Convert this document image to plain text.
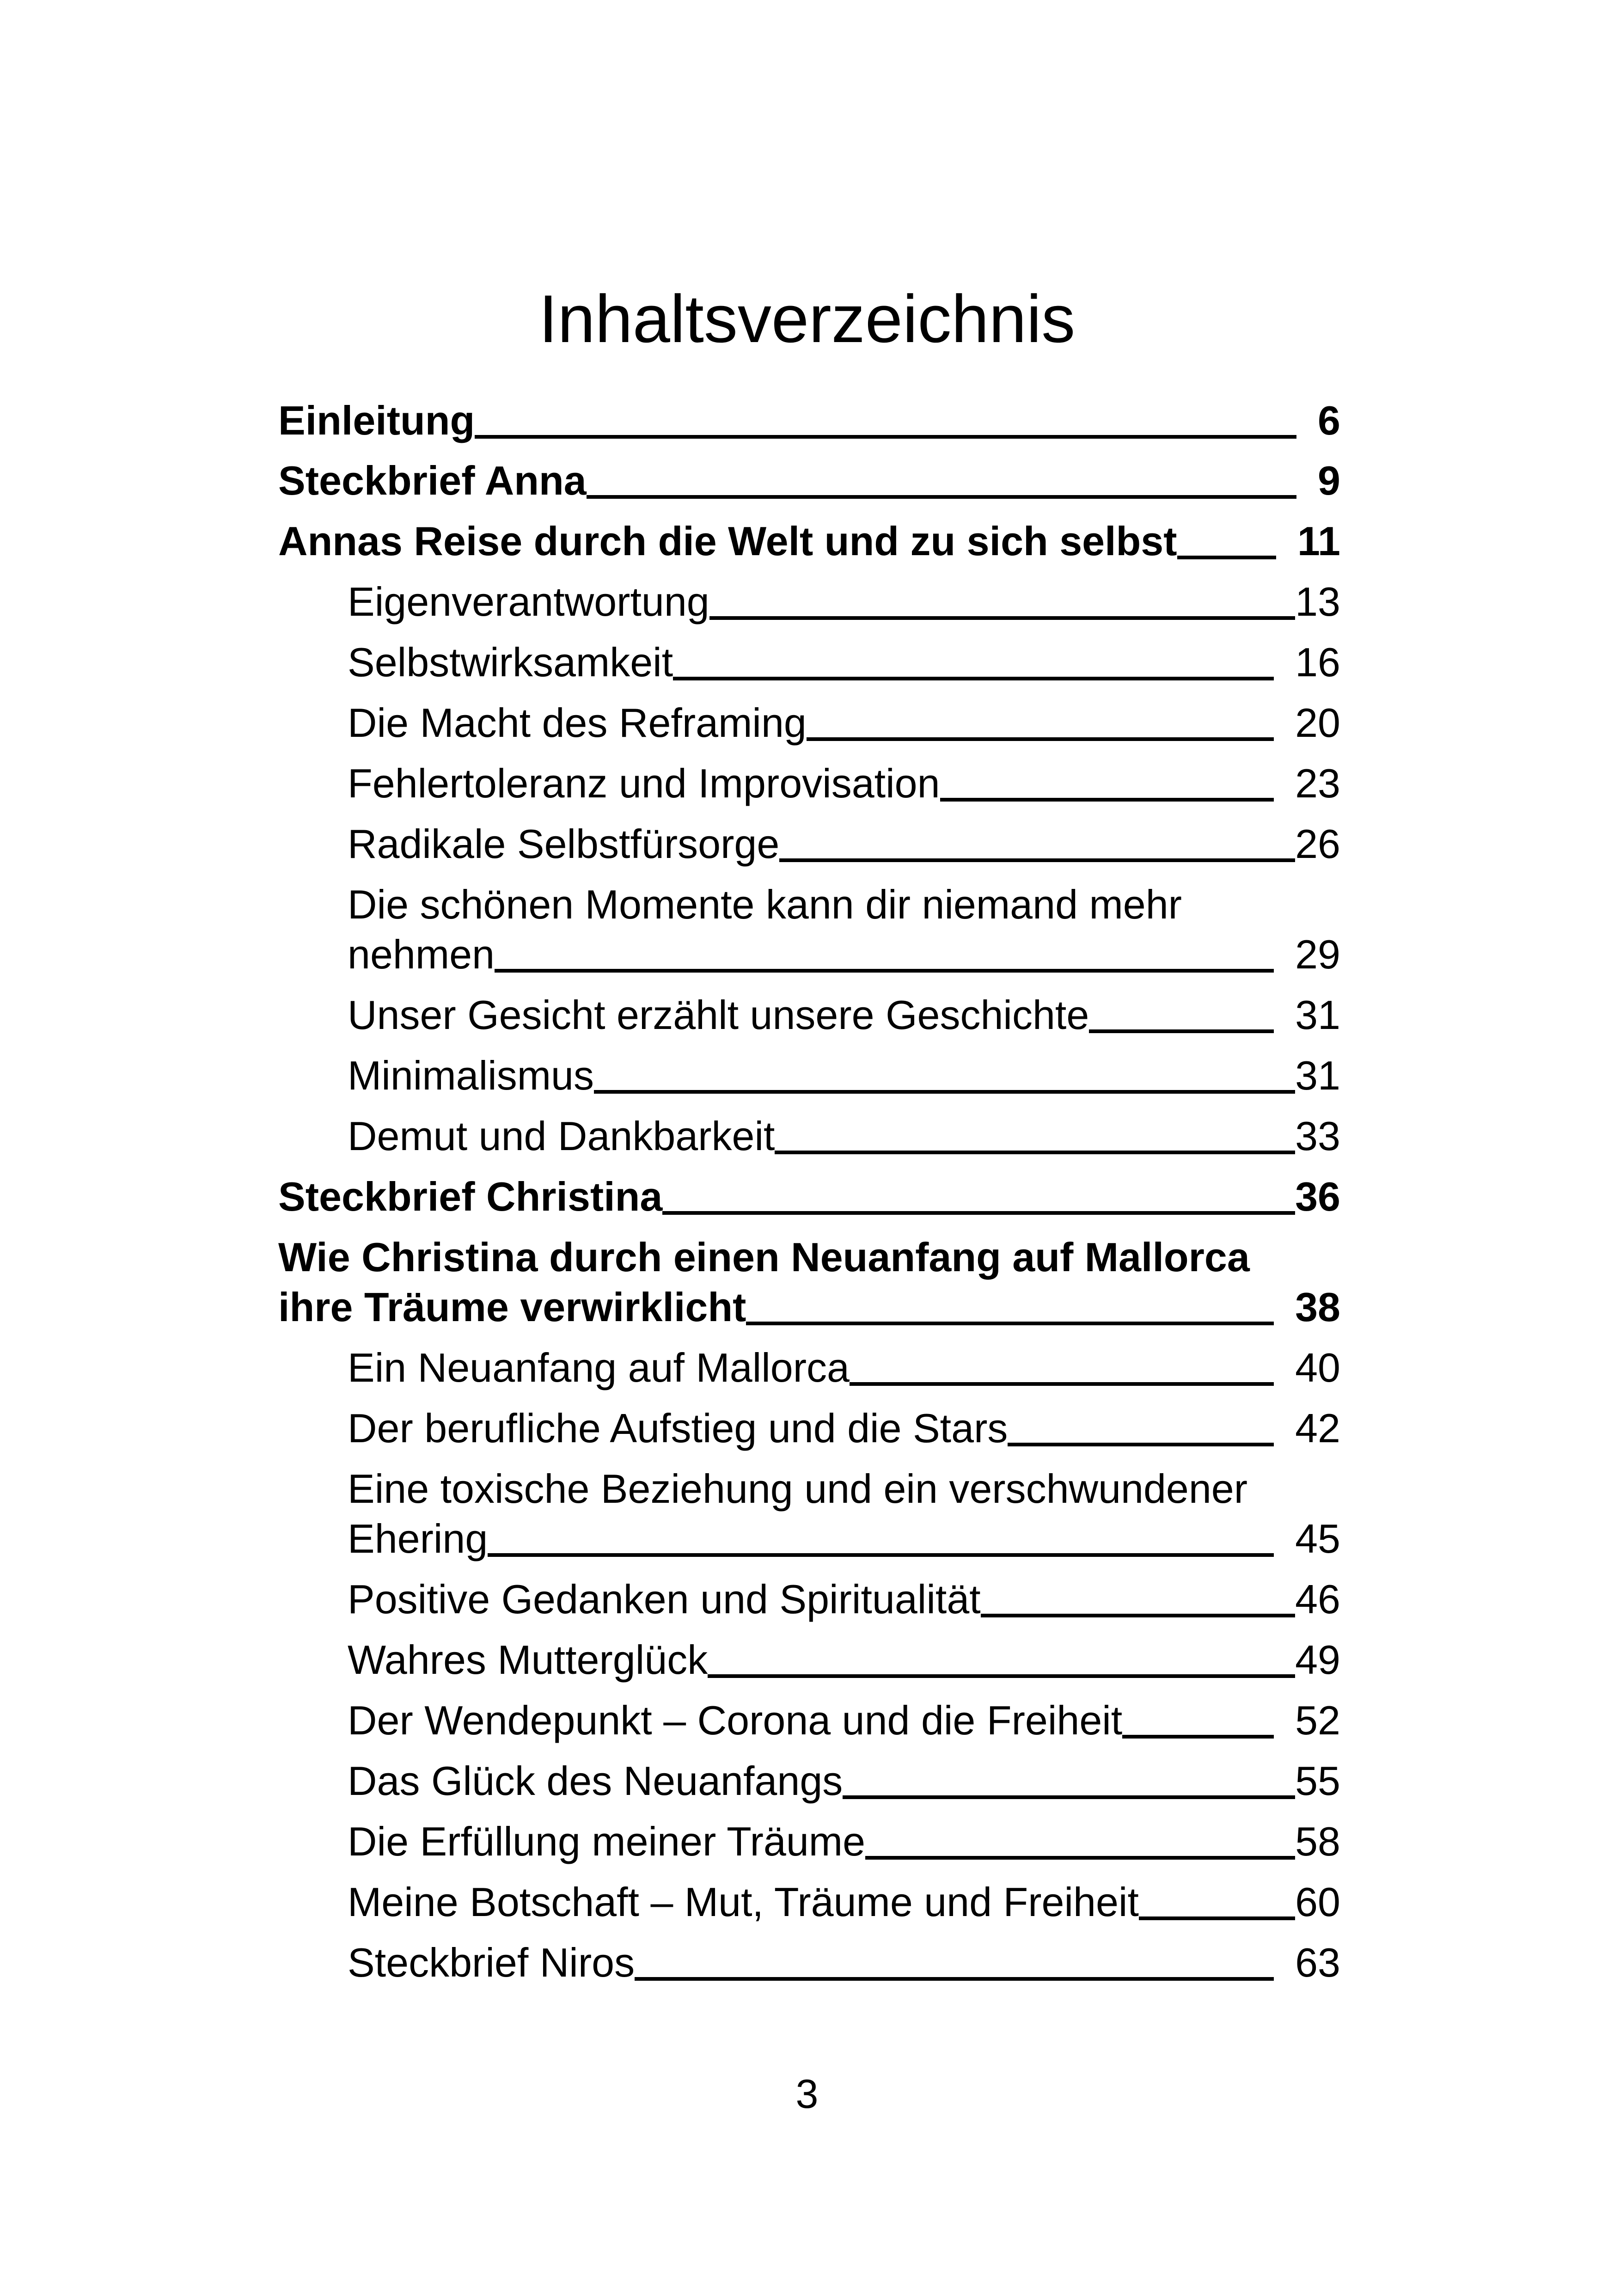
Inhaltsverzeichnis
Einleitung	6
Steckbrief Anna	9
Annas Reise durch die Welt und zu sich selbst	11
Eigenverantwortung	13
Selbstwirksamkeit	16
Die Macht des Reframing	20
Fehlertoleranz und Improvisation	23
Radikale Selbstfürsorge	26
Die schönen Momente kann dir niemand mehr
nehmen	29
Unser Gesicht erzählt unsere Geschichte	31
Minimalismus	31
Demut und Dankbarkeit	33
Steckbrief Christina	36
Wie Christina durch einen Neuanfang auf Mallorca
ihre Träume verwirklicht	38
Ein Neuanfang auf Mallorca	40
Der berufliche Aufstieg und die Stars	42
Eine toxische Beziehung und ein verschwundener
Ehering	45
Positive Gedanken und Spiritualität	46
Wahres Mutterglück	49
Der Wendepunkt – Corona und die Freiheit	52
Das Glück des Neuanfangs	55
Die Erfüllung meiner Träume	58
Meine Botschaft – Mut, Träume und Freiheit	60
Steckbrief Niros	63
3
